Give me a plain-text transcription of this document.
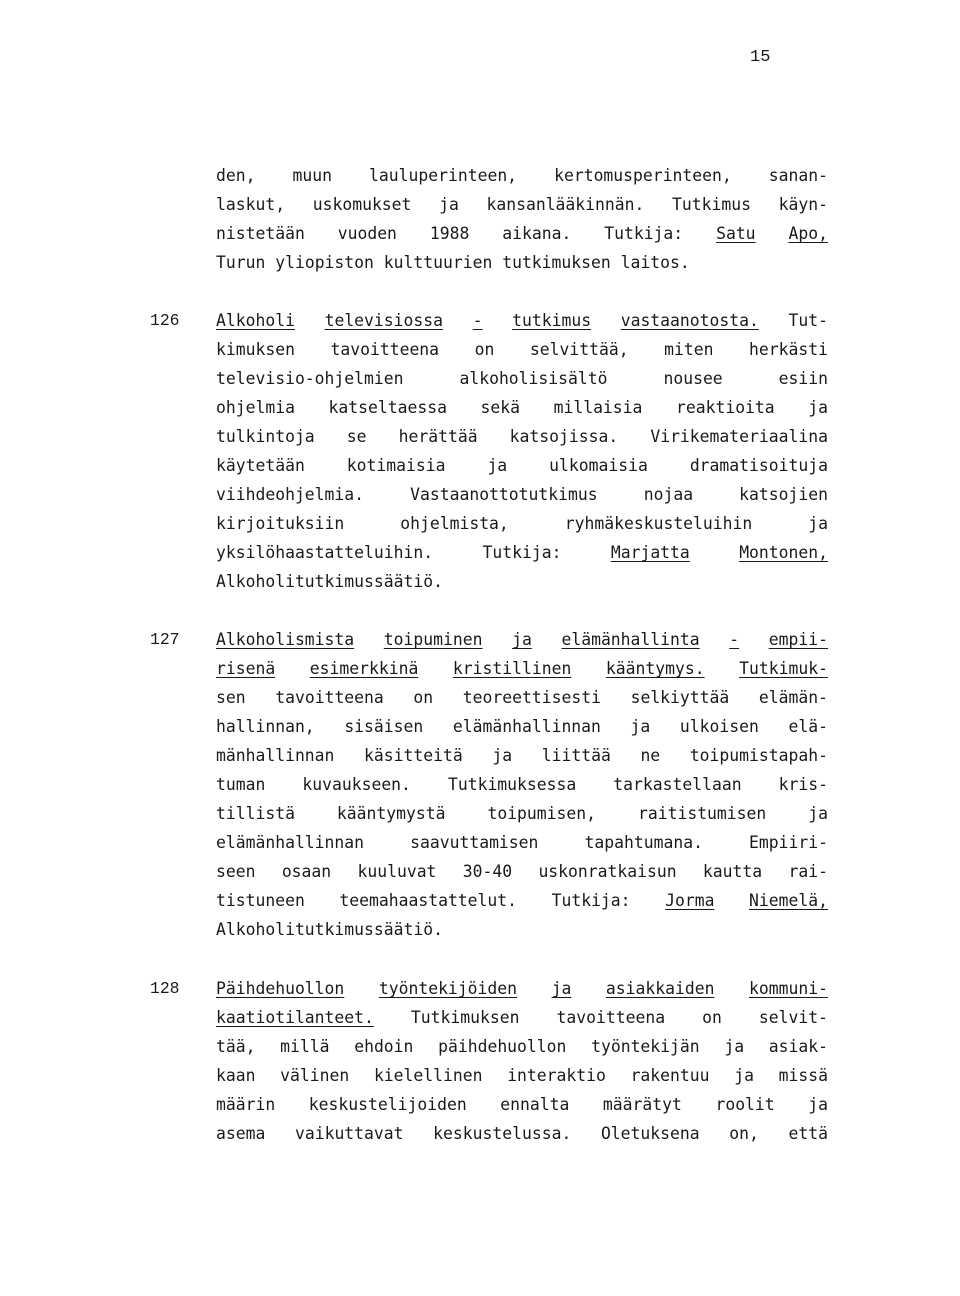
15
den, muun lauluperinteen, kertomusperinteen, sanan-
laskut, uskomukset ja kansanlääkinnän. Tutkimus käyn-
nistetään vuoden 1988 aikana. Tutkija: Satu Apo,
Turun yliopiston kulttuurien tutkimuksen laitos.
126 Alkoholi televisiossa - tutkimus vastaanotosta. Tut-
kimuksen tavoitteena on selvittää, miten herkästi
televisio-ohjelmien	alkoholisisältö	nousee	esiin
ohjelmia katseltaessa sekä millaisia reaktioita ja
tulkintoja se herättää katsojissa. Virikemateriaalina
käytetään	kotimaisia	ja	ulkomaisia	dramatisoituja
viihdeohjelmia.	Vastaanottotutkimus	nojaa	katsojien
kirjoituksiin	ohjelmista,	ryhmäkeskusteluihin	ja
yksilöhaastatteluihin.	Tutkija:	Marjatta	Montonen,
Alkoholitutkimussäätiö.
127 Alkoholismista toipuminen ja elämänhallinta - empii-
risenä esimerkkinä kristillinen kääntymys. Tutkimuk-
sen tavoitteena on teoreettisesti selkiyttää elämän-
hallinnan, sisäisen elämänhallinnan ja ulkoisen elä-
mänhallinnan käsitteitä ja liittää ne toipumistapah-
tuman kuvaukseen. Tutkimuksessa tarkastellaan kris-
tillistä	kääntymystä	toipumisen,	raitistumisen	ja
elämänhallinnan	saavuttamisen	tapahtumana.	Empiiri-
seen osaan kuuluvat 30-40 uskonratkaisun kautta rai-
tistuneen teemahaastattelut. Tutkija: Jorma Niemelä,
Alkoholitutkimussäätiö.
128 Päihdehuollon työntekijöiden ja asiakkaiden kommuni-
kaatiotilanteet. Tutkimuksen tavoitteena on selvit-
tää, millä ehdoin päihdehuollon työntekijän ja asiak-
kaan välinen kielellinen interaktio rakentuu ja missä
määrin keskustelijoiden ennalta määrätyt roolit ja
asema vaikuttavat keskustelussa. Oletuksena on, että
